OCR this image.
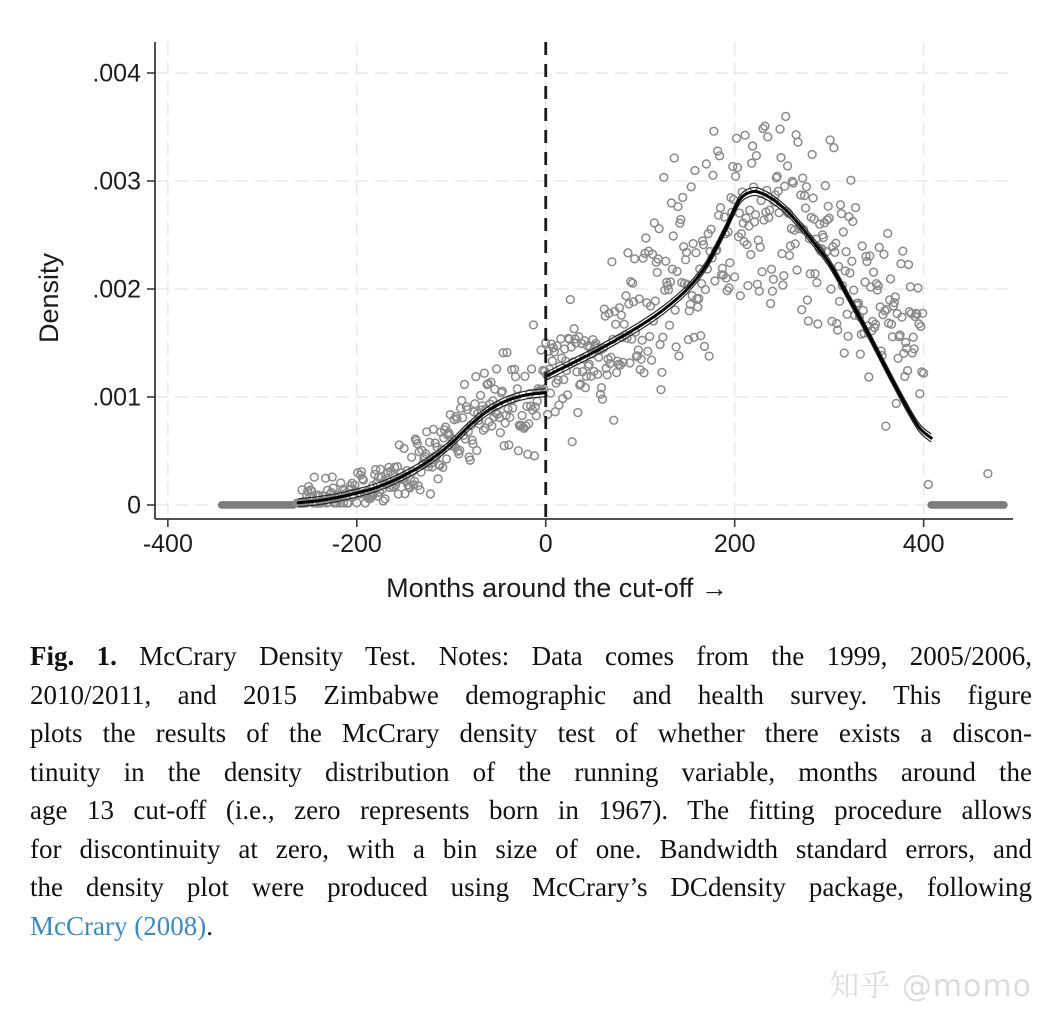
0
.001
.002
.003
.004
-400	-200	0	200	400
Density
Months around the cut-off →
Fig. 1. McCrary Density Test. Notes: Data comes from the 1999, 2005/2006,
2010/2011, and 2015 Zimbabwe demographic and health survey. This figure
plots the results of the McCrary density test of whether there exists a discon-
tinuity in the density distribution of the running variable, months around the
age 13 cut-off (i.e., zero represents born in 1967). The fitting procedure allows
for discontinuity at zero, with a bin size of one. Bandwidth standard errors, and
the density plot were produced using McCrary’s DCdensity package, following
McCrary (2008).
知乎 @momo
